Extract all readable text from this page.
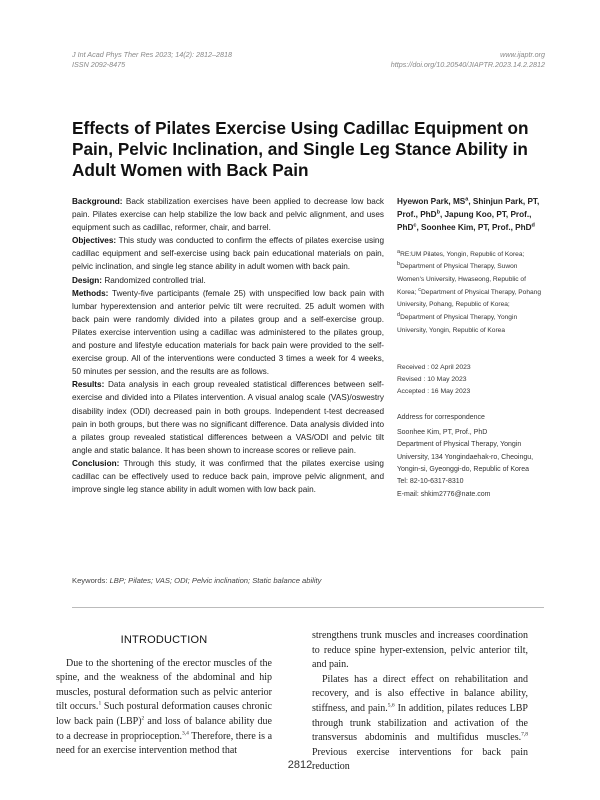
J Int Acad Phys Ther Res 2023; 14(2): 2812–2818
ISSN 2092-8475
www.ijaptr.org
https://doi.org/10.20540/JIAPTR.2023.14.2.2812
Effects of Pilates Exercise Using Cadillac Equipment on Pain, Pelvic Inclination, and Single Leg Stance Ability in Adult Women with Back Pain

Background: Back stabilization exercises have been applied to decrease low back pain. Pilates exercise can help stabilize the low back and pelvic alignment, and uses equipment such as cadillac, reformer, chair, and barrel.

Objectives: This study was conducted to confirm the effects of pilates exercise using cadillac equipment and self-exercise using back pain educational materials on pain, pelvic inclination, and single leg stance ability in adult women with back pain.

Design: Randomized controlled trial.

Methods: Twenty-five participants (female 25) with unspecified low back pain with lumbar hyperextension and anterior pelvic tilt were recruited. 25 adult women with back pain were randomly divided into a pilates group and a self-exercise group. Pilates exercise intervention using a cadillac was administered to the pilates group, and posture and lifestyle education materials for back pain were provided to the self-exercise group. All of the interventions were conducted 3 times a week for 4 weeks, 50 minutes per session, and the results are as follows.

Results: Data analysis in each group revealed statistical differences between self-exercise and divided into a Pilates intervention. A visual analog scale (VAS)/oswestry disability index (ODI) decreased pain in both groups. Independent t-test decreased pain in both groups, but there was no significant difference. Data analysis divided into a pilates group revealed statistical differences between a VAS/ODI and pelvic tilt angle and static balance. It has been shown to increase scores or relieve pain.

Conclusion: Through this study, it was confirmed that the pilates exercise using cadillac can be effectively used to reduce back pain, improve pelvic alignment, and improve single leg stance ability in adult women with low back pain.

Keywords: LBP; Pilates; VAS; ODI; Pelvic inclination; Static balance ability

Hyewon Park, $MS^a$, Shinjun Park, PT, Prof., PhD$^b$, Japung Koo, PT, Prof., PhD$^c$, Soonhee Kim, PT, Prof., PhD$^d$

$^a$RE:UM Pilates, Yongin, Republic of Korea; $^b$Department of Physical Therapy, Suwon Women's University, Hwaseong, Republic of Korea; $^c$Department of Physical Therapy, Pohang University, Pohang, Republic of Korea; $^d$Department of Physical Therapy, Yongin University, Yongin, Republic of Korea

Received : 02 April 2023
Revised : 10 May 2023
Accepted : 16 May 2023
Address for correspondence
Soonhee Kim, PT, Prof., PhD
Department of Physical Therapy, Yongin University, 134 Yongindaehak-ro, Cheoingu, Yongin-si, Gyeonggi-do, Republic of Korea
Tel: 82-10-6317-8310
E-mail: shkim2776@nate.com
INTRODUCTION

Due to the shortening of the erector muscles of the spine, and the weakness of the abdominal and hip muscles, postural deformation such as pelvic anterior tilt occurs.$^1$ Such postural deformation causes chronic low back pain (LBP)$^2$ and loss of balance ability due to a decrease in proprioception.$^{3,4}$ Therefore, there is a need for an exercise intervention method that

strengthens trunk muscles and increases coordination to reduce spine hyper-extension, pelvic anterior tilt, and pain.

Pilates has a direct effect on rehabilitation and recovery, and is also effective in balance ability, stiffness, and pain.$^{5,6}$ In addition, pilates reduces LBP through trunk stabilization and activation of the transversus abdominis and multifidus muscles.$^{7,8}$ Previous exercise interventions for back pain reduction

2812
